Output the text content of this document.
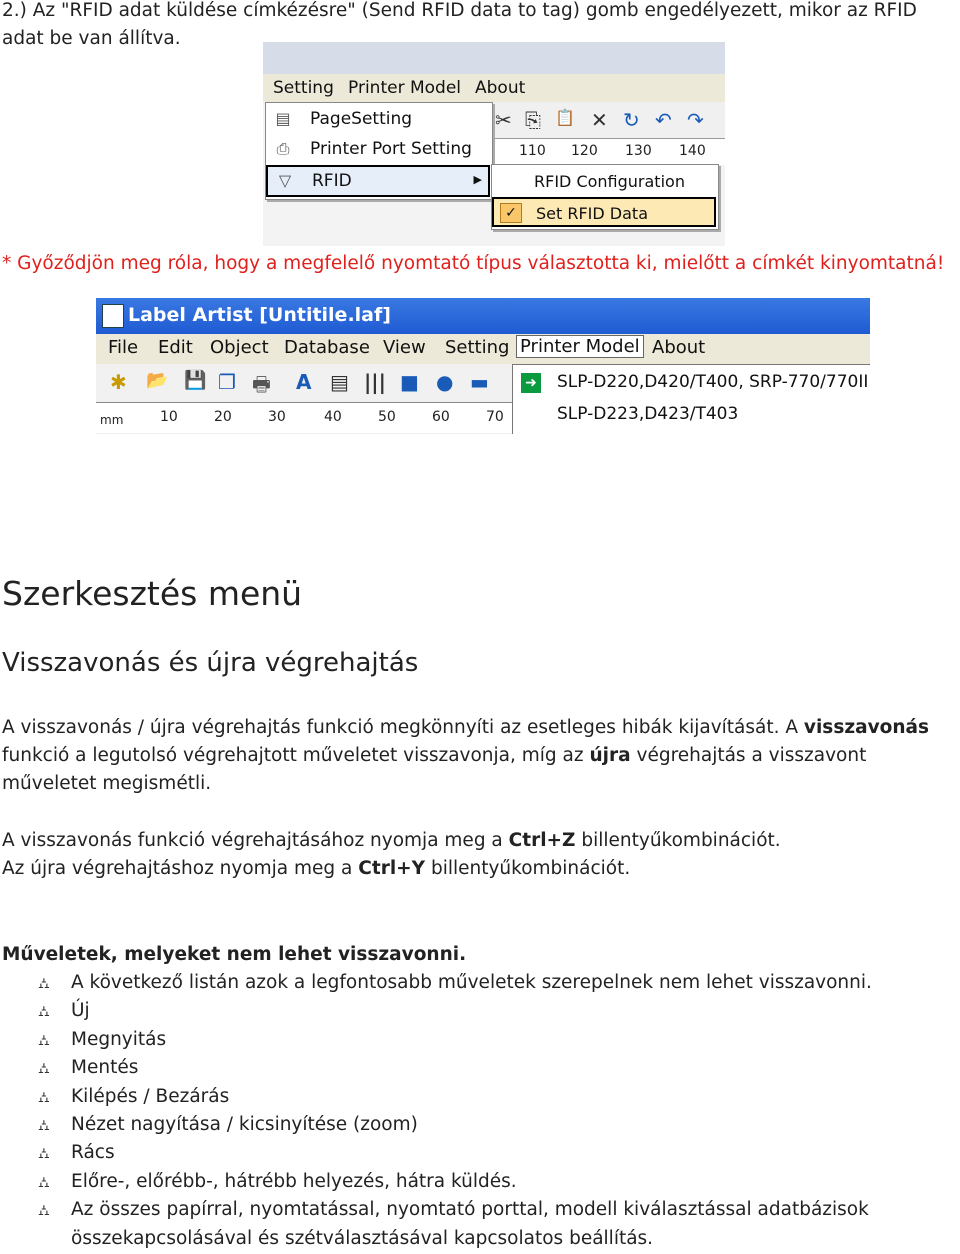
2.) Az "RFID adat küldése címkézésre" (Send RFID data to tag) gomb engedélyezett, mikor az RFID adat be van állítva.
Setting Printer Model About
✂ ⎘ 📋 ✕ ↻ ↶ ↷
110 120 130 140
▤ PageSetting
⎙ Printer Port Setting
▽ RFID	▶	RFID Configuration
✓	Set RFID Data
* Győződjön meg róla, hogy a megfelelő nyomtató típus választotta ki, mielőtt a címkét kinyomtatná!
Label Artist [Untitile.laf]
File Edit Object Database View Setting Printer Model About
✱ 📂 💾 ❐ 🖶 A ▤ ||| ■ ● ▬
mm	10	20	30	40	50	60	70
➜ SLP-D220,D420/T400, SRP-770/770II
SLP-D223,D423/T403
Szerkesztés menü
Visszavonás és újra végrehajtás
A visszavonás / újra végrehajtás funkció megkönnyíti az esetleges hibák kijavítását. A visszavonás funkció a legutolsó végrehajtott műveletet visszavonja, míg az újra végrehajtás a visszavont műveletet megismétli.
A visszavonás funkció végrehajtásához nyomja meg a Ctrl+Z billentyűkombinációt.
Az újra végrehajtáshoz nyomja meg a Ctrl+Y billentyűkombinációt.
Műveletek, melyeket nem lehet visszavonni.
⛼ A következő listán azok a legfontosabb műveletek szerepelnek nem lehet visszavonni.
⛼ Új
⛼ Megnyitás
⛼ Mentés
⛼ Kilépés / Bezárás
⛼ Nézet nagyítása / kicsinyítése (zoom)
⛼ Rács
⛼ Előre-, előrébb-, hátrébb helyezés, hátra küldés.
⛼ Az összes papírral, nyomtatással, nyomtató porttal, modell kiválasztással adatbázisok összekapcsolásával és szétválasztásával kapcsolatos beállítás.
